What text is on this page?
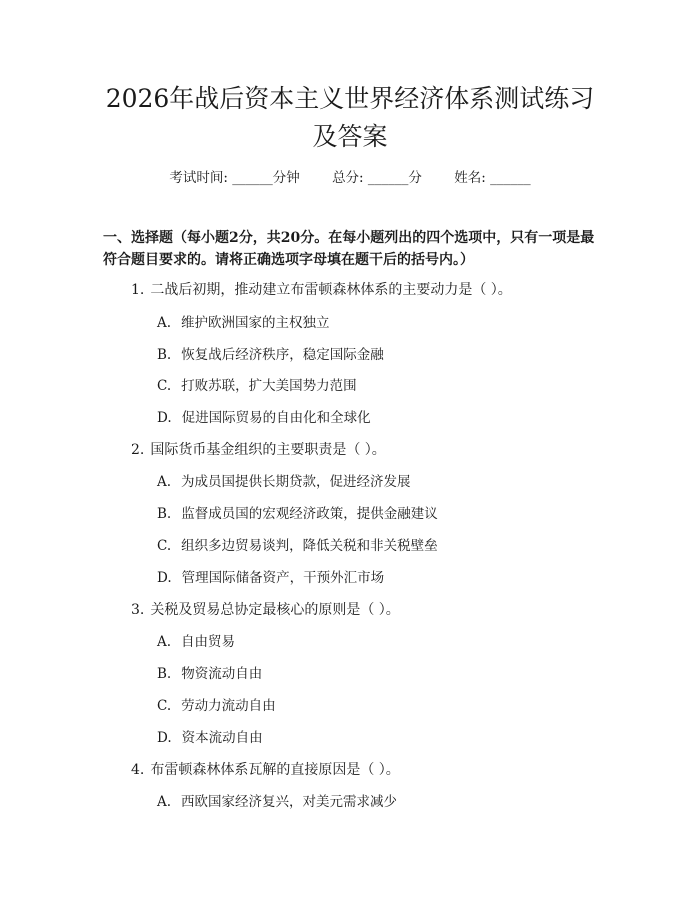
2026年战后资本主义世界经济体系测试练习
及答案
考试时间: ______分钟 总分: ______分 姓名: ______

一、选择题（每小题2分，共20分。在每小题列出的四个选项中，只有一项是最符合题目要求的。请将正确选项字母填在题干后的括号内。）

1. 二战后初期，推动建立布雷顿森林体系的主要动力是（ ）。

A. 维护欧洲国家的主权独立

B. 恢复战后经济秩序，稳定国际金融

C. 打败苏联，扩大美国势力范围

D. 促进国际贸易的自由化和全球化

2. 国际货币基金组织的主要职责是（ ）。

A. 为成员国提供长期贷款，促进经济发展

B. 监督成员国的宏观经济政策，提供金融建议

C. 组织多边贸易谈判，降低关税和非关税壁垒

D. 管理国际储备资产，干预外汇市场

3. 关税及贸易总协定最核心的原则是（ ）。

A. 自由贸易

B. 物资流动自由

C. 劳动力流动自由

D. 资本流动自由

4. 布雷顿森林体系瓦解的直接原因是（ ）。

A. 西欧国家经济复兴，对美元需求减少
